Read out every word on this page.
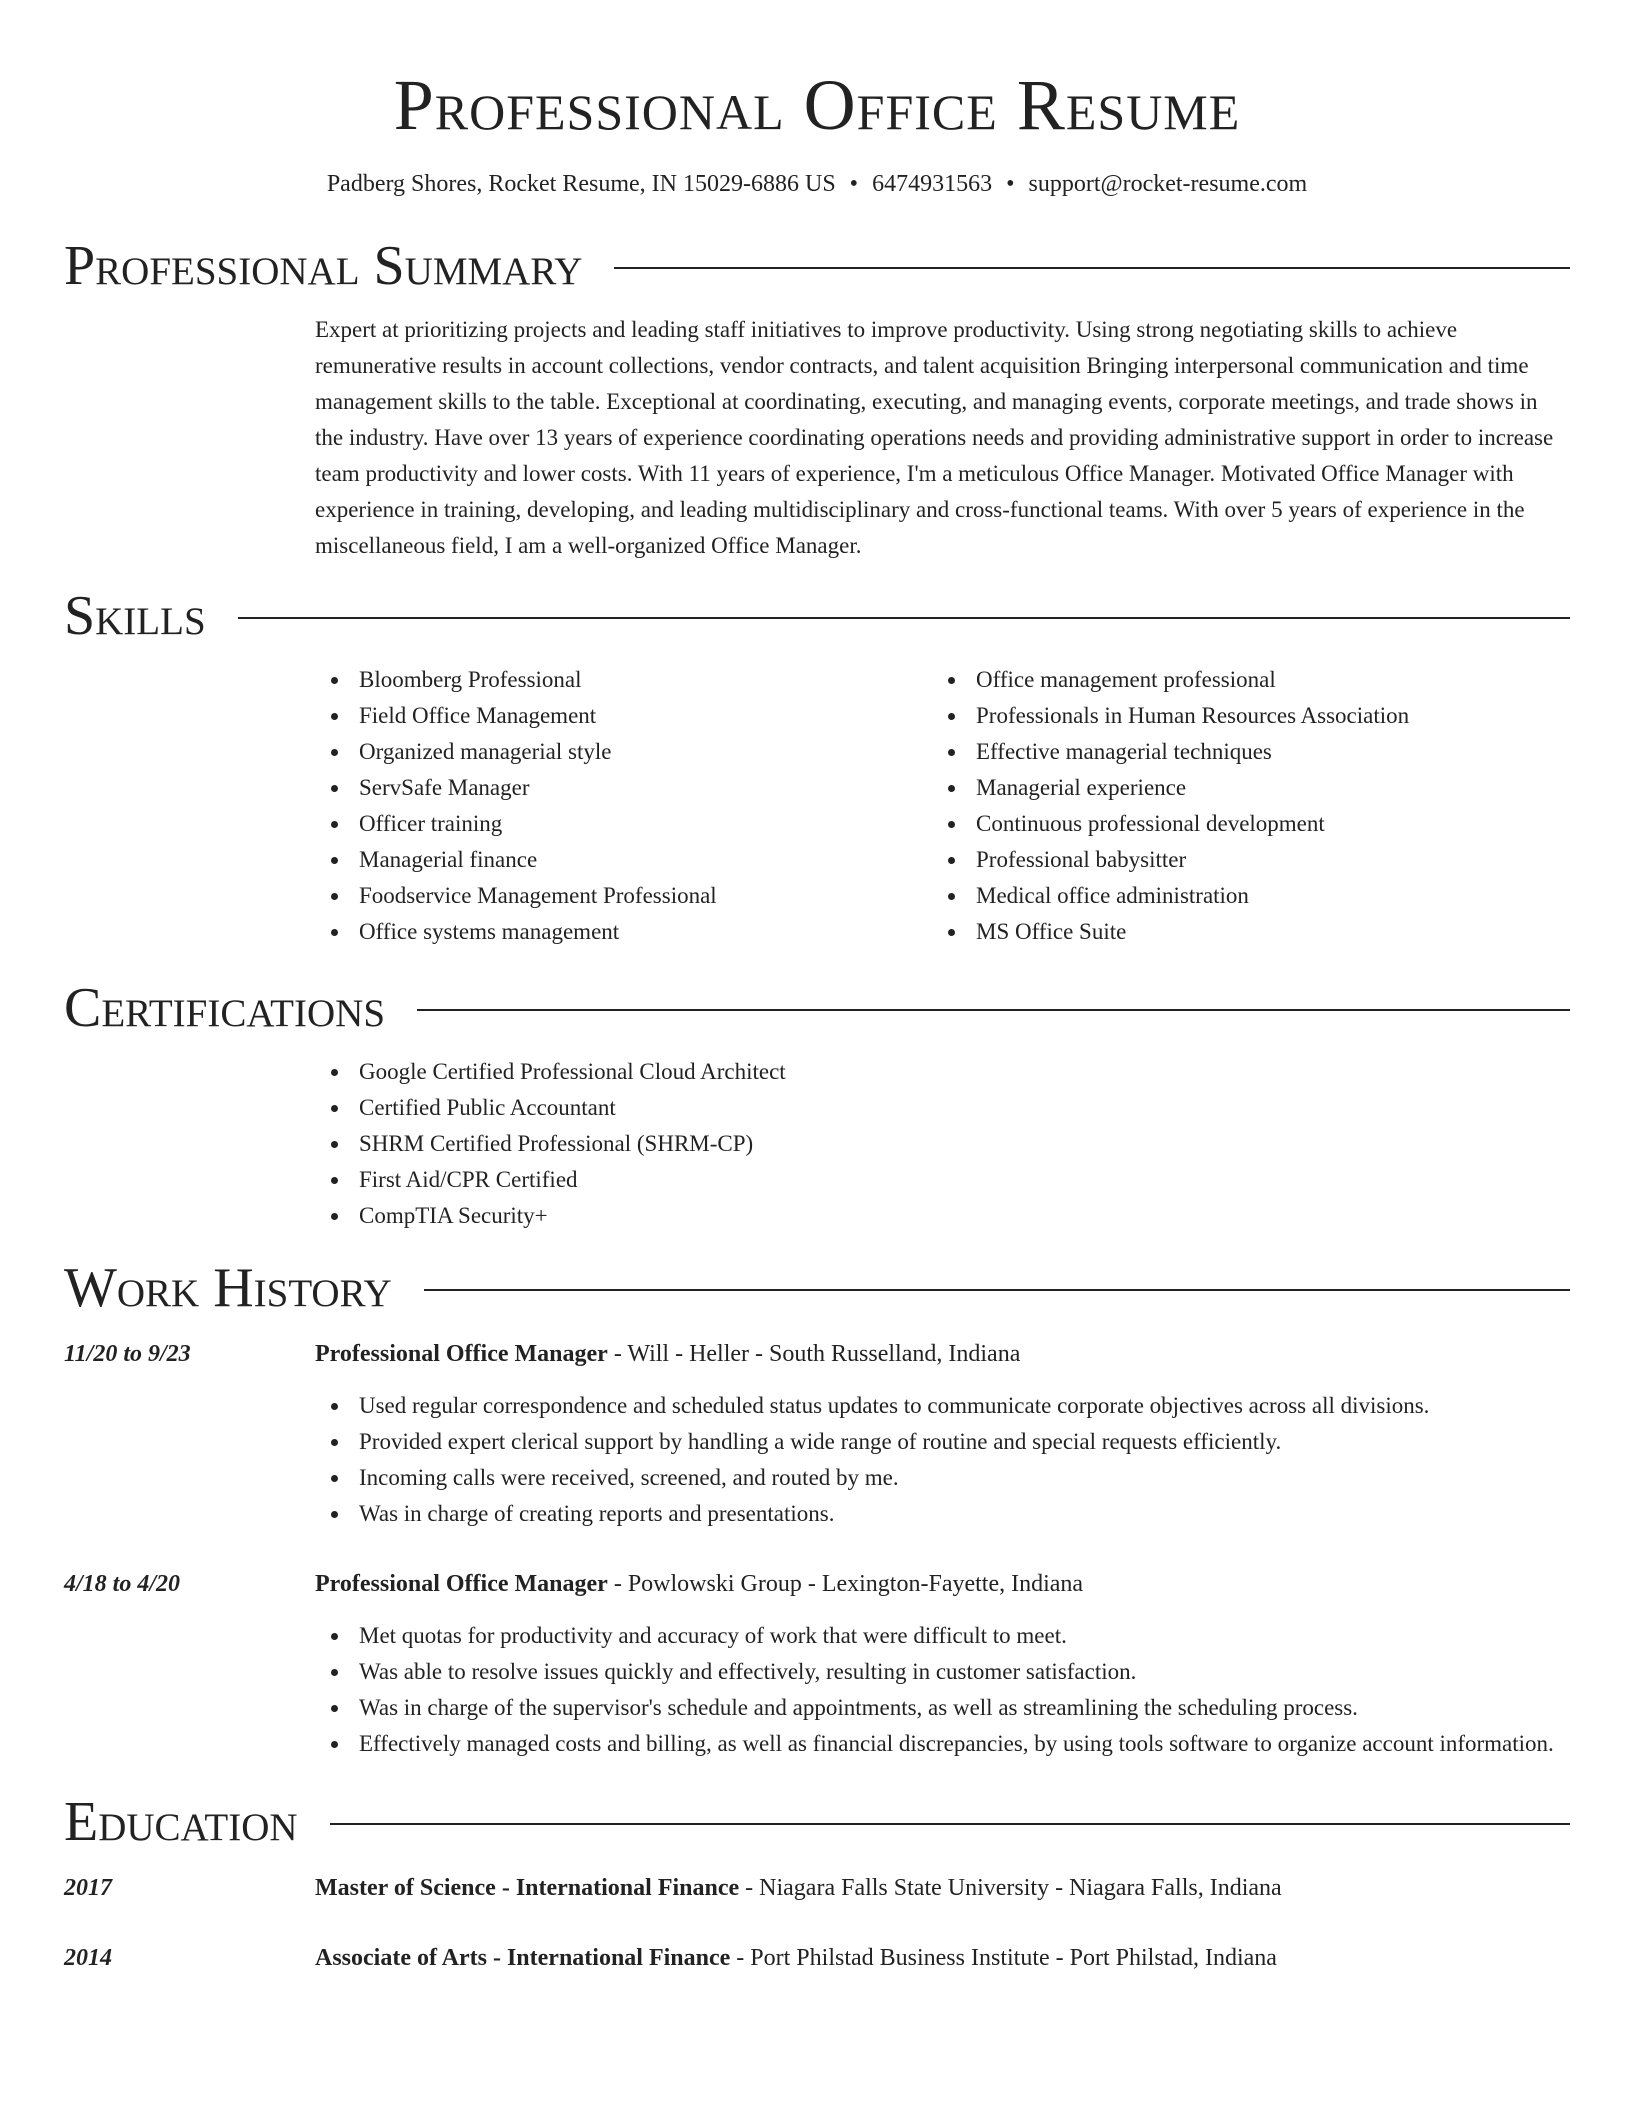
Professional Office Resume
Padberg Shores, Rocket Resume, IN 15029-6886 US • 6474931563 • support@rocket-resume.com
Professional Summary

Expert at prioritizing projects and leading staff initiatives to improve productivity. Using strong negotiating skills to achieve remunerative results in account collections, vendor contracts, and talent acquisition Bringing interpersonal communication and time management skills to the table. Exceptional at coordinating, executing, and managing events, corporate meetings, and trade shows in the industry. Have over 13 years of experience coordinating operations needs and providing administrative support in order to increase team productivity and lower costs. With 11 years of experience, I'm a meticulous Office Manager. Motivated Office Manager with experience in training, developing, and leading multidisciplinary and cross-functional teams. With over 5 years of experience in the miscellaneous field, I am a well-organized Office Manager.

Skills
Bloomberg Professional
Field Office Management
Organized managerial style
ServSafe Manager
Officer training
Managerial finance
Foodservice Management Professional
Office systems management
Office management professional
Professionals in Human Resources Association
Effective managerial techniques
Managerial experience
Continuous professional development
Professional babysitter
Medical office administration
MS Office Suite
Certifications
Google Certified Professional Cloud Architect
Certified Public Accountant
SHRM Certified Professional (SHRM-CP)
First Aid/CPR Certified
CompTIA Security+
Work History
11/20 to 9/23	Professional Office Manager - Will - Heller - South Russelland, Indiana
Used regular correspondence and scheduled status updates to communicate corporate objectives across all divisions.
Provided expert clerical support by handling a wide range of routine and special requests efficiently.
Incoming calls were received, screened, and routed by me.
Was in charge of creating reports and presentations.
4/18 to 4/20	Professional Office Manager - Powlowski Group - Lexington-Fayette, Indiana
Met quotas for productivity and accuracy of work that were difficult to meet.
Was able to resolve issues quickly and effectively, resulting in customer satisfaction.
Was in charge of the supervisor's schedule and appointments, as well as streamlining the scheduling process.
Effectively managed costs and billing, as well as financial discrepancies, by using tools software to organize account information.
Education
2017	Master of Science - International Finance - Niagara Falls State University - Niagara Falls, Indiana
2014	Associate of Arts - International Finance - Port Philstad Business Institute - Port Philstad, Indiana
